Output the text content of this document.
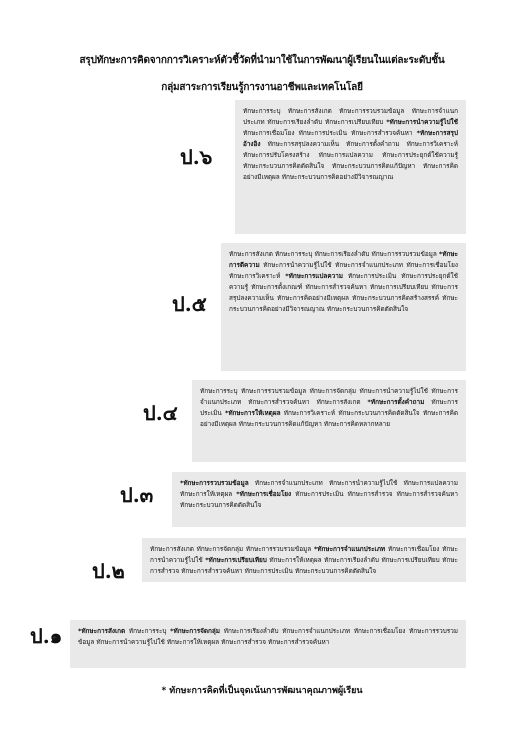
สรุปทักษะการคิดจากการวิเคราะห์ตัวชี้วัดที่นำมาใช้ในการพัฒนาผู้เรียนในแต่ละระดับชั้น
กลุ่มสาระการเรียนรู้การงานอาชีพและเทคโนโลยี
ป.๖
ป.๕
ป.๔
ป.๓
ป.๒
ป.๑
ทักษะการระบุ ทักษะการสังเกต ทักษะการรวบรวมข้อมูล ทักษะการจำแนกประเภท ทักษะการเรียงลำดับ ทักษะการเปรียบเทียบ *ทักษะการนำความรู้ไปใช้ ทักษะการเชื่อมโยง ทักษะการประเมิน ทักษะการสำรวจค้นหา *ทักษะการสรุปอ้างอิง ทักษะการสรุปลงความเห็น ทักษะการตั้งคำถาม ทักษะการวิเคราะห์ ทักษะการปรับโครงสร้าง ทักษะการแปลความ ทักษะการประยุกต์ใช้ความรู้ ทักษะกระบวนการคิดตัดสินใจ ทักษะกระบวนการคิดแก้ปัญหา ทักษะการคิดอย่างมีเหตุผล ทักษะกระบวนการคิดอย่างมีวิจารณญาณ
ทักษะการสังเกต ทักษะการระบุ ทักษะการเรียงลำดับ ทักษะการรวบรวมข้อมูล *ทักษะการตีความ ทักษะการนำความรู้ไปใช้ ทักษะการจำแนกประเภท ทักษะการเชื่อมโยง ทักษะการวิเคราะห์ *ทักษะการแปลความ ทักษะการประเมิน ทักษะการประยุกต์ใช้ความรู้ ทักษะการตั้งเกณฑ์ ทักษะการสำรวจค้นหา ทักษะการเปรียบเทียบ ทักษะการสรุปลงความเห็น ทักษะการคิดอย่างมีเหตุผล ทักษะกระบวนการคิดสร้างสรรค์ ทักษะกระบวนการคิดอย่างมีวิจารณญาณ ทักษะกระบวนการคิดตัดสินใจ
ทักษะการระบุ ทักษะการรวบรวมข้อมูล ทักษะการจัดกลุ่ม ทักษะการนำความรู้ไปใช้ ทักษะการจำแนกประเภท ทักษะการสำรวจค้นหา ทักษะการสังเกต *ทักษะการตั้งคำถาม ทักษะการประเมิน *ทักษะการให้เหตุผล ทักษะการวิเคราะห์ ทักษะกระบวนการคิดตัดสินใจ ทักษะการคิดอย่างมีเหตุผล ทักษะกระบวนการคิดแก้ปัญหา ทักษะการคิดหลากหลาย
*ทักษะการรวบรวมข้อมูล ทักษะการจำแนกประเภท ทักษะการนำความรู้ไปใช้ ทักษะการแปลความ ทักษะการให้เหตุผล *ทักษะการเชื่อมโยง ทักษะการประเมิน ทักษะการสำรวจ ทักษะการสำรวจค้นหา ทักษะกระบวนการคิดตัดสินใจ
ทักษะการสังเกต ทักษะการจัดกลุ่ม ทักษะการรวบรวมข้อมูล *ทักษะการจำแนกประเภท ทักษะการเชื่อมโยง ทักษะการนำความรู้ไปใช้ *ทักษะการเปรียบเทียบ ทักษะการให้เหตุผล ทักษะการเรียงลำดับ ทักษะการเปรียบเทียบ ทักษะการสำรวจ ทักษะการสำรวจค้นหา ทักษะการประเมิน ทักษะกระบวนการคิดตัดสินใจ
*ทักษะการสังเกต ทักษะการระบุ *ทักษะการจัดกลุ่ม ทักษะการเรียงลำดับ ทักษะการจำแนกประเภท ทักษะการเชื่อมโยง ทักษะการรวบรวมข้อมูล ทักษะการนำความรู้ไปใช้ ทักษะการให้เหตุผล ทักษะการสำรวจ ทักษะการสำรวจค้นหา
* ทักษะการคิดที่เป็นจุดเน้นการพัฒนาคุณภาพผู้เรียน
